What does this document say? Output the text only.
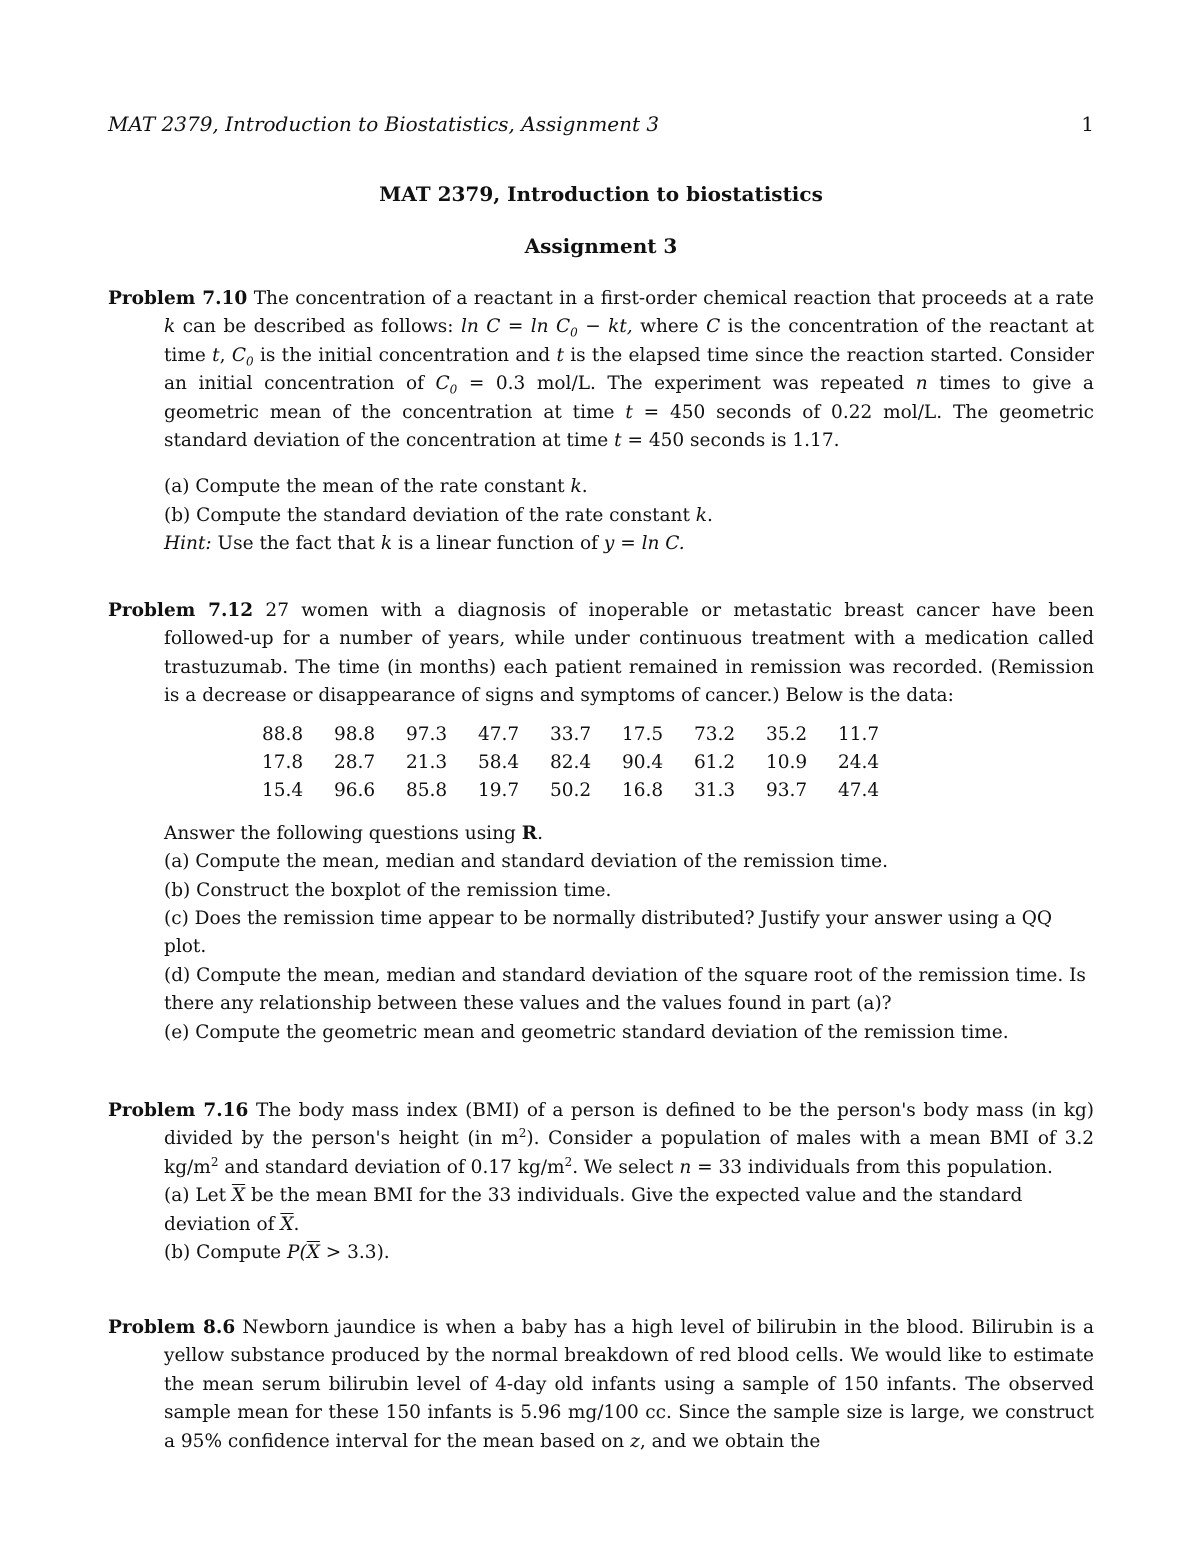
MAT 2379, Introduction to Biostatistics, Assignment 3	1
MAT 2379, Introduction to biostatistics
Assignment 3
Problem 7.10 The concentration of a reactant in a first-order chemical reaction that proceeds at a rate k can be described as follows: $\ln C = \ln C_0$ − kt, where C is the concentration of the reactant at time t, $C_0$ is the initial concentration and t is the elapsed time since the reaction started. Consider an initial concentration of $C_0 = 0.3$ mol/L. The experiment was repeated n times to give a geometric mean of the concentration at time t = 450 seconds of 0.22 mol/L. The geometric standard deviation of the concentration at time t = 450 seconds is 1.17.
(a) Compute the mean of the rate constant k.
(b) Compute the standard deviation of the rate constant k.
Hint: Use the fact that k is a linear function of y = ln C.
Problem 7.12 27 women with a diagnosis of inoperable or metastatic breast cancer have been followed-up for a number of years, while under continuous treatment with a medication called trastuzumab. The time (in months) each patient remained in remission was recorded. (Remission is a decrease or disappearance of signs and symptoms of cancer.) Below is the data:
88.8	98.8	97.3	47.7	33.7	17.5	73.2	35.2	11.7
17.8	28.7	21.3	58.4	82.4	90.4	61.2	10.9	24.4
15.4	96.6	85.8	19.7	50.2	16.8	31.3	93.7	47.4
Answer the following questions using R.
(a) Compute the mean, median and standard deviation of the remission time.
(b) Construct the boxplot of the remission time.
(c) Does the remission time appear to be normally distributed? Justify your answer using a QQ plot.
(d) Compute the mean, median and standard deviation of the square root of the remission time. Is there any relationship between these values and the values found in part (a)?
(e) Compute the geometric mean and geometric standard deviation of the remission time.
Problem 7.16 The body mass index (BMI) of a person is defined to be the person's body mass (in kg) divided by the person's height (in $m^2$). Consider a population of males with a mean BMI of 3.2 $kg/m^2$ and standard deviation of 0.17 $kg/m^2$. We select n = 33 individuals from this population.
(a) Let $\overline{X}$ be the mean BMI for the 33 individuals. Give the expected value and the standard deviation of $\overline{X}$.
(b) Compute $P(\overline{X} > 3.3)$.
Problem 8.6 Newborn jaundice is when a baby has a high level of bilirubin in the blood. Bilirubin is a yellow substance produced by the normal breakdown of red blood cells. We would like to estimate the mean serum bilirubin level of 4-day old infants using a sample of 150 infants. The observed sample mean for these 150 infants is 5.96 mg/100 cc. Since the sample size is large, we construct a 95% confidence interval for the mean based on z, and we obtain the
